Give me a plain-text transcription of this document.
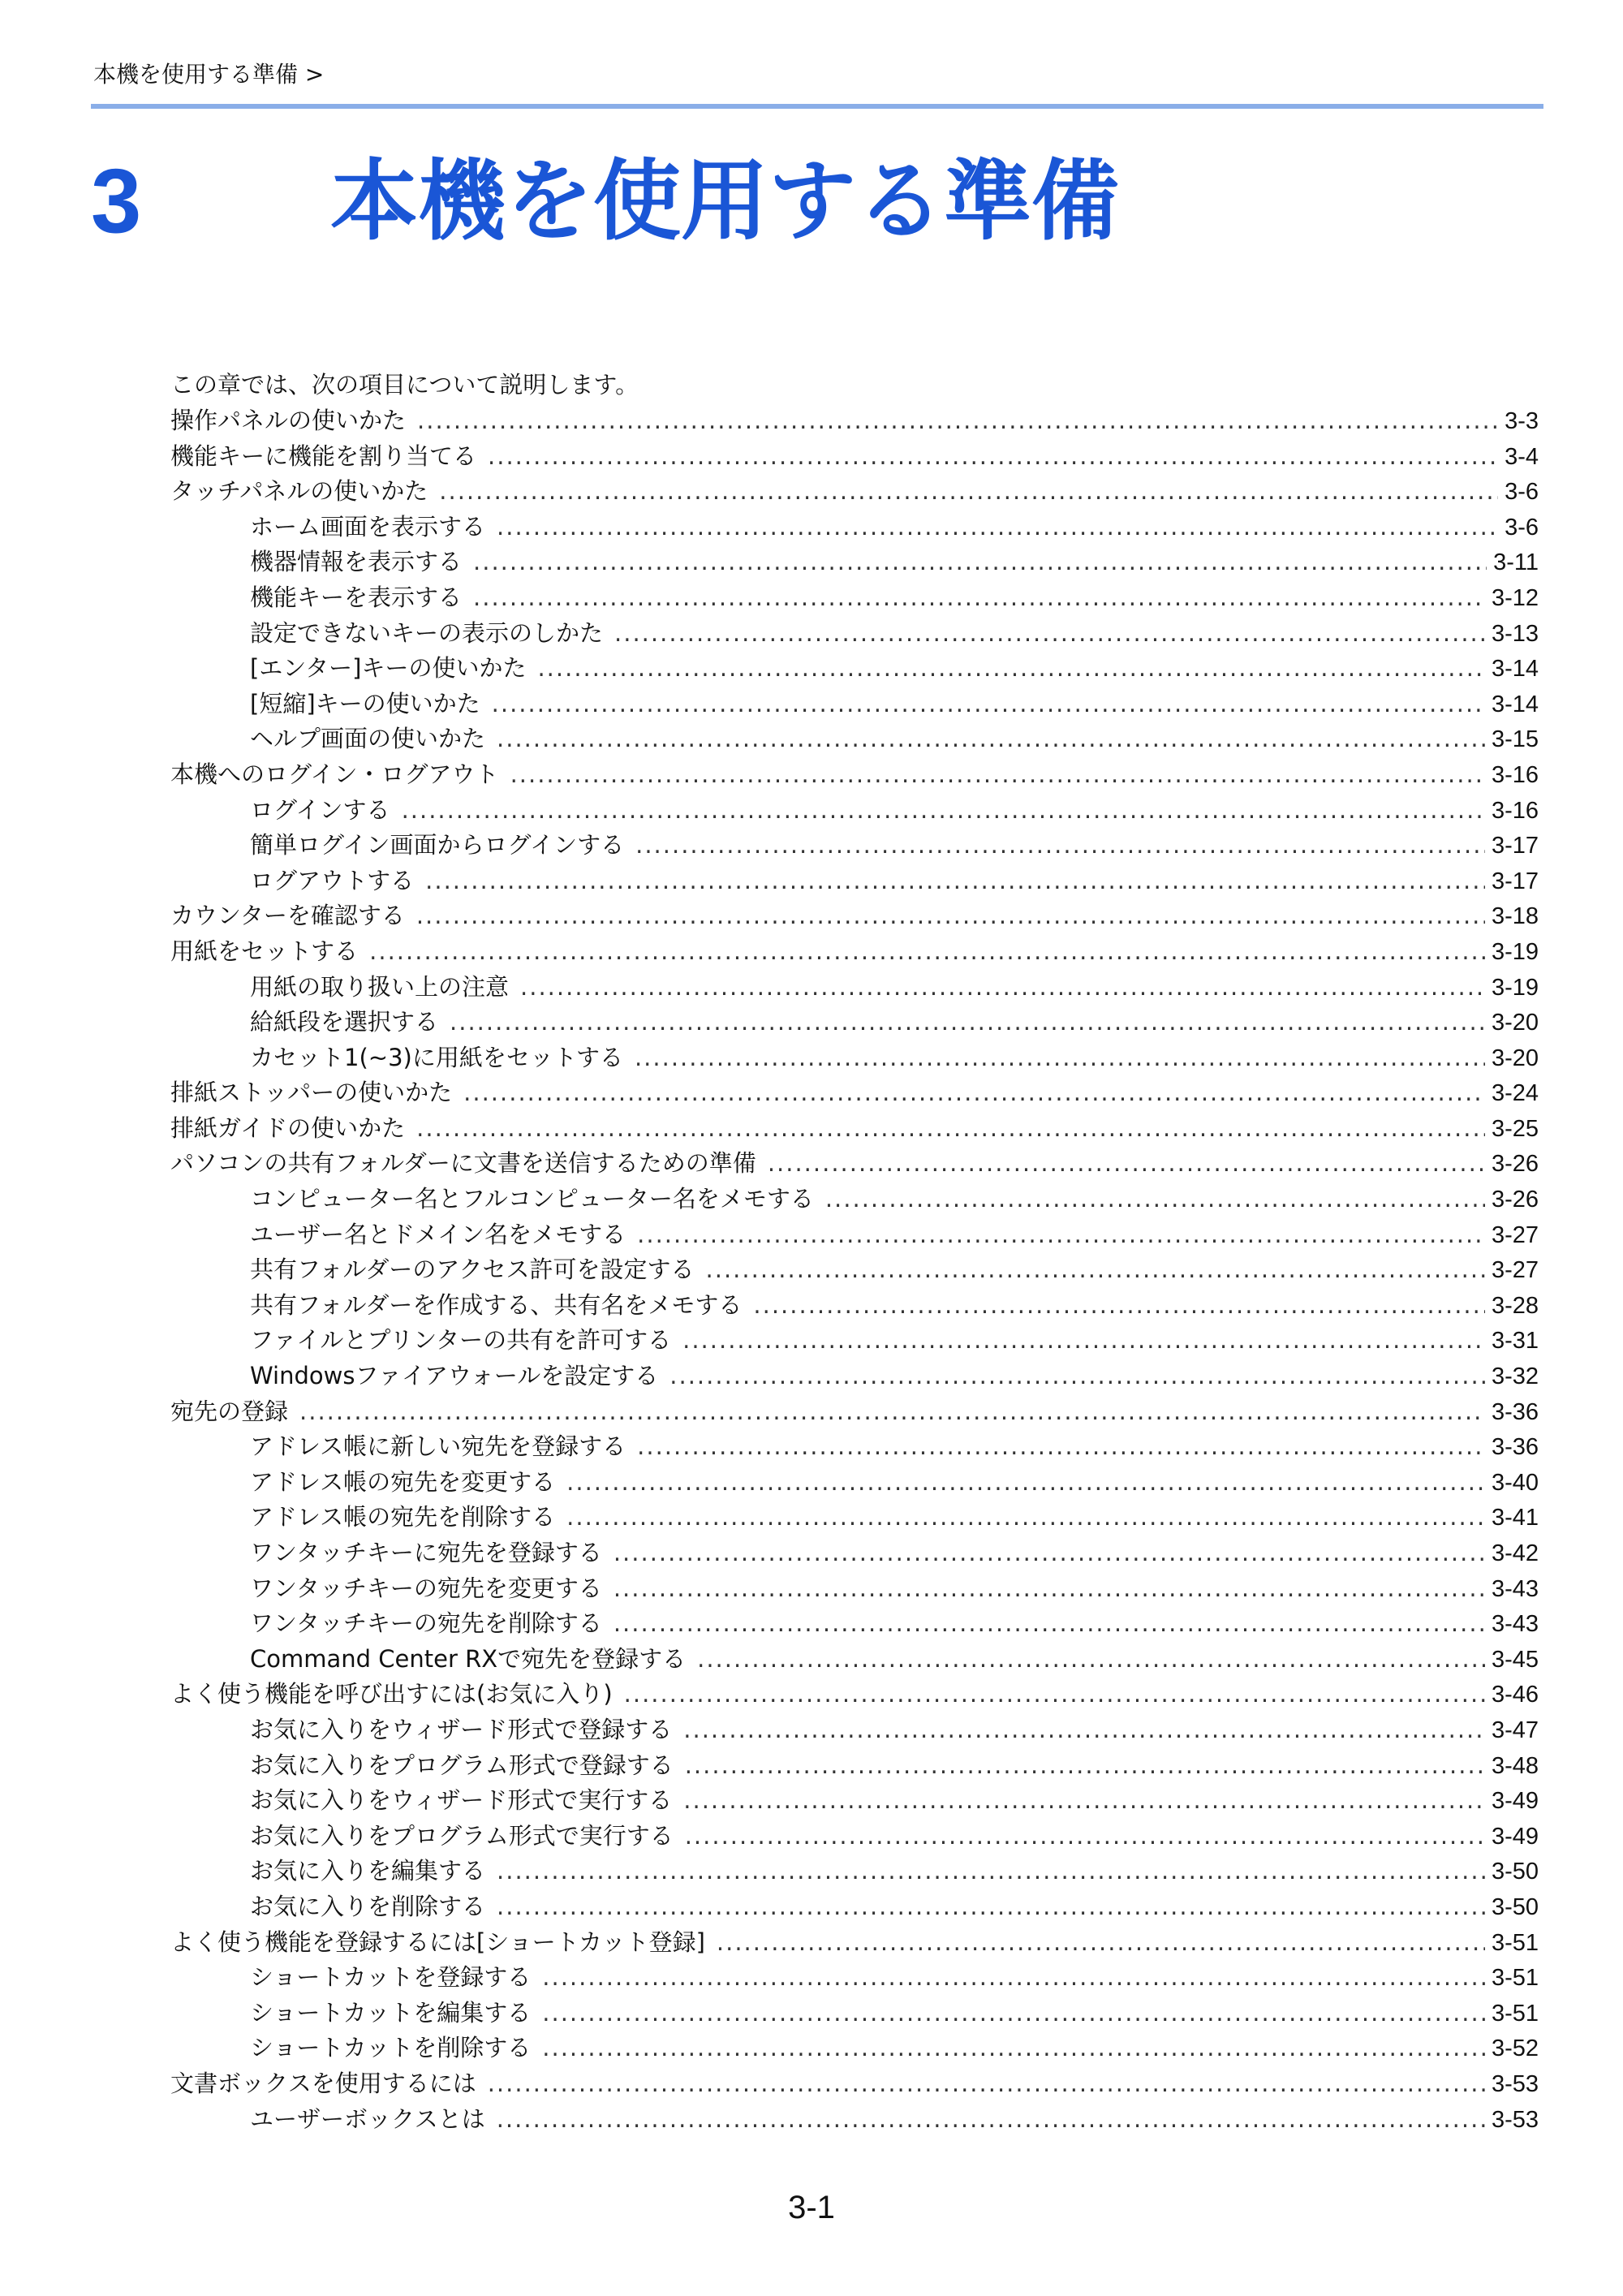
本機を使用する準備 >
3 本機を使用する準備
この章では、次の項目について説明します。
操作パネルの使いかた .....	3-3
機能キーに機能を割り当てる .....	3-4
タッチパネルの使いかた .....	3-6
ホーム画面を表示する .....	3-6
機器情報を表示する .....	3-11
機能キーを表示する .....	3-12
設定できないキーの表示のしかた .....	3-13
[エンター]キーの使いかた .....	3-14
[短縮]キーの使いかた .....	3-14
ヘルプ画面の使いかた .....	3-15
本機へのログイン・ログアウト .....	3-16
ログインする .....	3-16
簡単ログイン画面からログインする .....	3-17
ログアウトする .....	3-17
カウンターを確認する .....	3-18
用紙をセットする .....	3-19
用紙の取り扱い上の注意 .....	3-19
給紙段を選択する .....	3-20
カセット1(~3)に用紙をセットする .....	3-20
排紙ストッパーの使いかた .....	3-24
排紙ガイドの使いかた .....	3-25
パソコンの共有フォルダーに文書を送信するための準備 .....	3-26
コンピューター名とフルコンピューター名をメモする .....	3-26
ユーザー名とドメイン名をメモする .....	3-27
共有フォルダーのアクセス許可を設定する .....	3-27
共有フォルダーを作成する、共有名をメモする .....	3-28
ファイルとプリンターの共有を許可する .....	3-31
Windowsファイアウォールを設定する .....	3-32
宛先の登録 .....	3-36
アドレス帳に新しい宛先を登録する .....	3-36
アドレス帳の宛先を変更する .....	3-40
アドレス帳の宛先を削除する .....	3-41
ワンタッチキーに宛先を登録する .....	3-42
ワンタッチキーの宛先を変更する .....	3-43
ワンタッチキーの宛先を削除する .....	3-43
Command Center RXで宛先を登録する .....	3-45
よく使う機能を呼び出すには(お気に入り) .....	3-46
お気に入りをウィザード形式で登録する .....	3-47
お気に入りをプログラム形式で登録する .....	3-48
お気に入りをウィザード形式で実行する .....	3-49
お気に入りをプログラム形式で実行する .....	3-49
お気に入りを編集する .....	3-50
お気に入りを削除する .....	3-50
よく使う機能を登録するには[ショートカット登録] .....	3-51
ショートカットを登録する .....	3-51
ショートカットを編集する .....	3-51
ショートカットを削除する .....	3-52
文書ボックスを使用するには .....	3-53
ユーザーボックスとは .....	3-53
3-1
